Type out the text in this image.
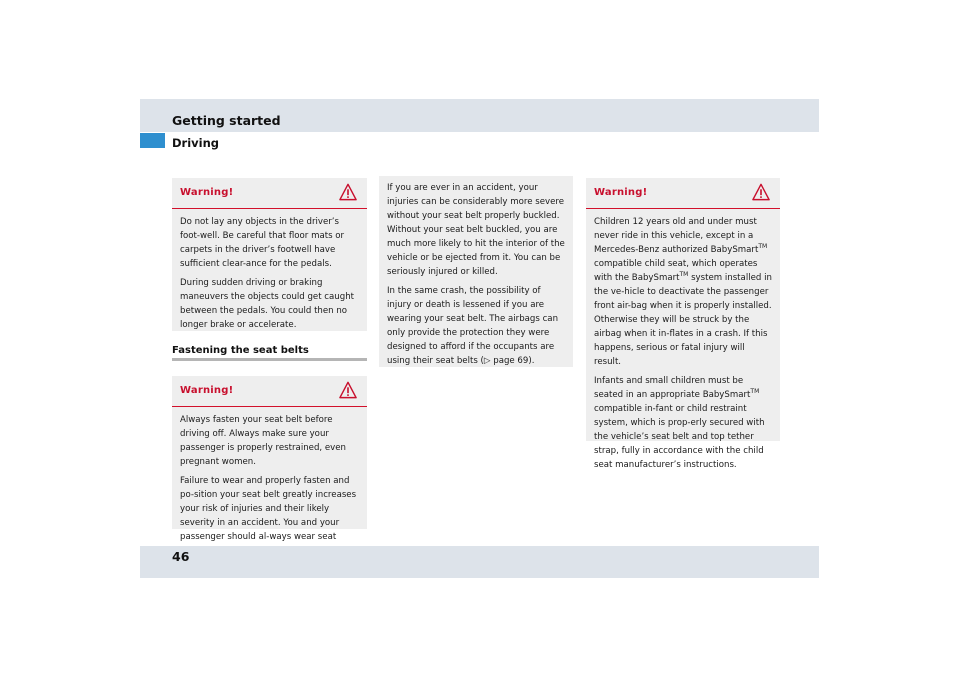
Getting started
Driving
Warning!

Do not lay any objects in the driver’s foot-well. Be careful that floor mats or carpets in the driver’s footwell have sufficient clear-ance for the pedals.

During sudden driving or braking maneuvers the objects could get caught between the pedals. You could then no longer brake or accelerate.

Fastening the seat belts
Warning!

Always fasten your seat belt before driving off. Always make sure your passenger is properly restrained, even pregnant women.

Failure to wear and properly fasten and po-sition your seat belt greatly increases your risk of injuries and their likely severity in an accident. You and your passenger should al-ways wear seat

If you are ever in an accident, your injuries can be considerably more severe without your seat belt properly buckled. Without your seat belt buckled, you are much more likely to hit the interior of the vehicle or be ejected from it. You can be seriously injured or killed.

In the same crash, the possibility of injury or death is lessened if you are wearing your seat belt. The airbags can only provide the protection they were designed to afford if the occupants are using their seat belts (▷ page 69).

Warning!

Children 12 years old and under must never ride in this vehicle, except in a Mercedes-Benz authorized BabySmart™ compatible child seat, which operates with the BabySmart™ system installed in the ve-hicle to deactivate the passenger front air-bag when it is properly installed. Otherwise they will be struck by the airbag when it in-flates in a crash. If this happens, serious or fatal injury will result.

Infants and small children must be seated in an appropriate BabySmart™ compatible in-fant or child restraint system, which is prop-erly secured with the vehicle’s seat belt and top tether strap, fully in accordance with the child seat manufacturer’s instructions.

46
